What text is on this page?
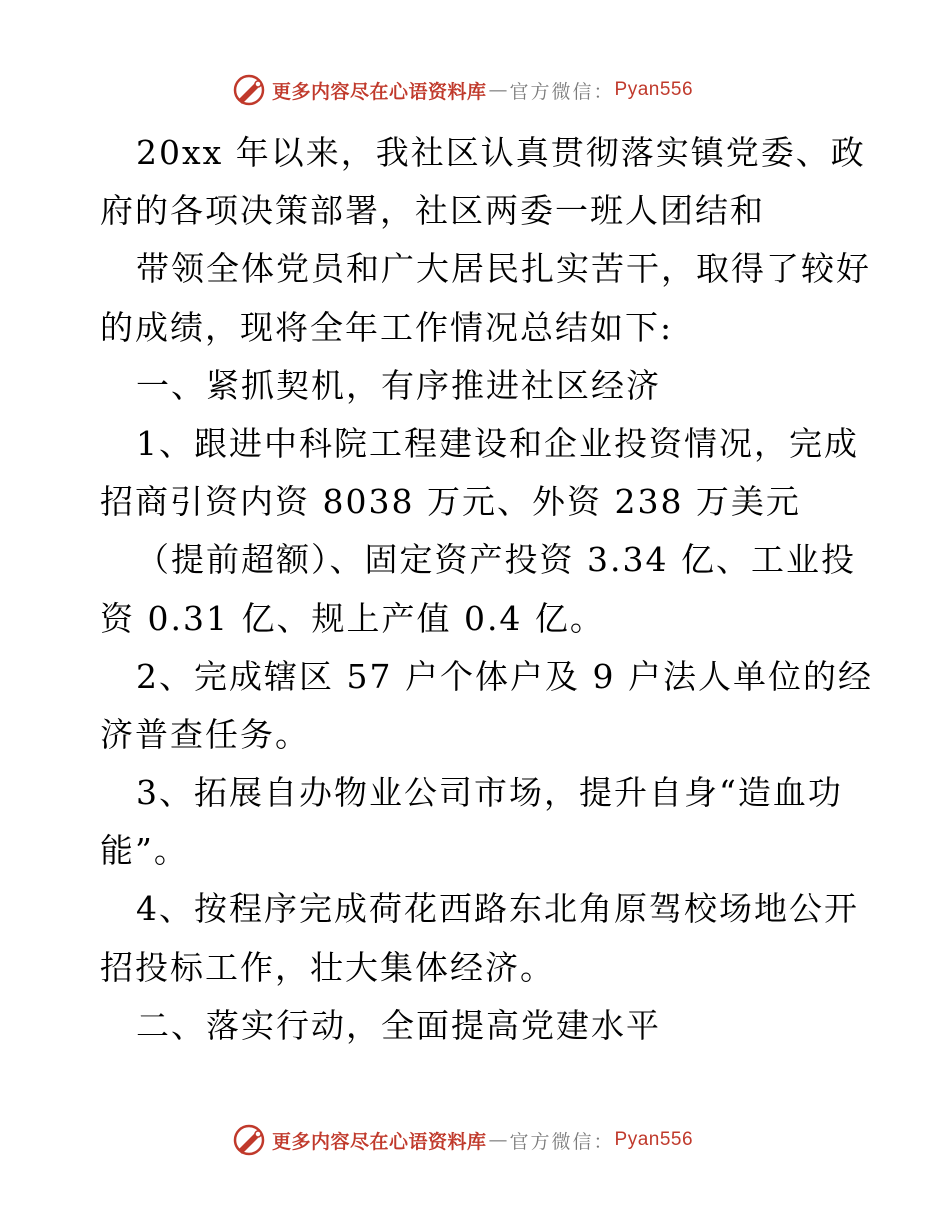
更多内容尽在心语资料库 — 官方微信： Pyan556
20xx 年以来，我社区认真贯彻落实镇党委、政
府的各项决策部署，社区两委一班人团结和
带领全体党员和广大居民扎实苦干，取得了较好
的成绩，现将全年工作情况总结如下:
一、紧抓契机，有序推进社区经济
1、跟进中科院工程建设和企业投资情况，完成
招商引资内资 8038 万元、外资 238 万美元
（提前超额）、固定资产投资 3.34 亿、工业投
资 0.31 亿、规上产值 0.4 亿。
2、完成辖区 57 户个体户及 9 户法人单位的经
济普查任务。
3、拓展自办物业公司市场，提升自身“造血功
能”。
4、按程序完成荷花西路东北角原驾校场地公开
招投标工作，壮大集体经济。
二、落实行动，全面提高党建水平
更多内容尽在心语资料库 — 官方微信： Pyan556
